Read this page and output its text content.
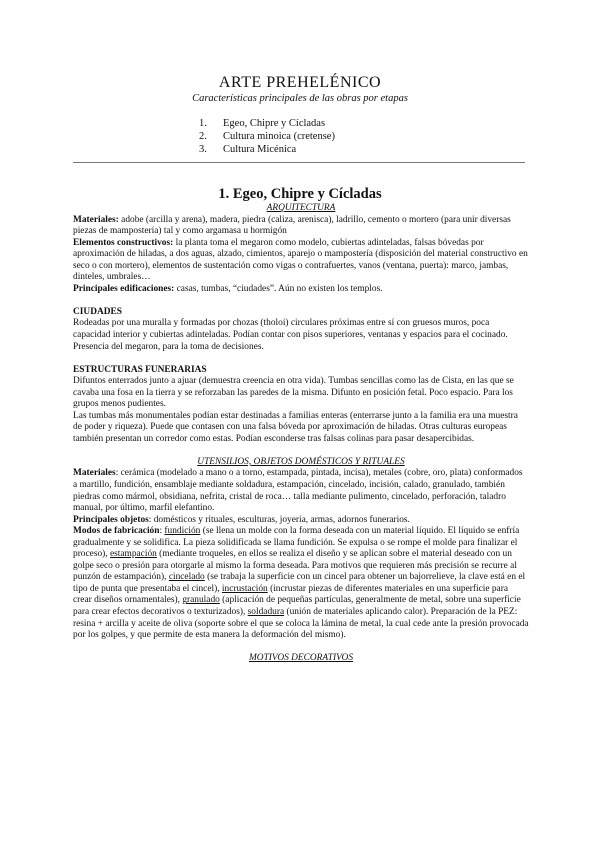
ARTE PREHELÉNICO
Características principales de las obras por etapas
1. Egeo, Chipre y Cícladas
2. Cultura minoica (cretense)
3. Cultura Micénica
1. Egeo, Chipre y Cícladas

ARQUITECTURA

Materiales: adobe (arcilla y arena), madera, piedra (caliza, arenisca), ladrillo, cemento o mortero (para unir diversas piezas de mampostería) tal y como argamasa u hormigón

Elementos constructivos: la planta toma el megaron como modelo, cubiertas adinteladas, falsas bóvedas por aproximación de hiladas, a dos aguas, alzado, cimientos, aparejo o mampostería (disposición del material constructivo en seco o con mortero), elementos de sustentación como vigas o contrafuertes, vanos (ventana, puerta): marco, jambas, dinteles, umbrales…

Principales edificaciones: casas, tumbas, “ciudades”. Aún no existen los templos.

CIUDADES

Rodeadas por una muralla y formadas por chozas (tholoi) circulares próximas entre sí con gruesos muros, poca capacidad interior y cubiertas adinteladas. Podían contar con pisos superiores, ventanas y espacios para el cocinado. Presencia del megaron, para la toma de decisiones.

ESTRUCTURAS FUNERARIAS

Difuntos enterrados junto a ajuar (demuestra creencia en otra vida). Tumbas sencillas como las de Cista, en las que se cavaba una fosa en la tierra y se reforzaban las paredes de la misma. Difunto en posición fetal. Poco espacio. Para los grupos menos pudientes.

Las tumbas más monumentales podían estar destinadas a familias enteras (enterrarse junto a la familia era una muestra de poder y riqueza). Puede que contasen con una falsa bóveda por aproximación de hiladas. Otras culturas europeas también presentan un corredor como estas. Podían esconderse tras falsas colinas para pasar desapercibidas.

UTENSILIOS, OBJETOS DOMÉSTICOS Y RITUALES

Materiales: cerámica (modelado a mano o a torno, estampada, pintada, incisa), metales (cobre, oro, plata) conformados a martillo, fundición, ensamblaje mediante soldadura, estampación, cincelado, incisión, calado, granulado, también piedras como mármol, obsidiana, nefrita, cristal de roca… talla mediante pulimento, cincelado, perforación, taladro manual, por último, marfil elefantino.

Principales objetos: domésticos y rituales, esculturas, joyería, armas, adornos funerarios.

Modos de fabricación: fundición (se llena un molde con la forma deseada con un material líquido. El líquido se enfría gradualmente y se solidifica. La pieza solidificada se llama fundición. Se expulsa o se rompe el molde para finalizar el proceso), estampación (mediante troqueles, en ellos se realiza el diseño y se aplican sobre el material deseado con un golpe seco o presión para otorgarle al mismo la forma deseada. Para motivos que requieren más precisión se recurre al punzón de estampación), cincelado (se trabaja la superficie con un cincel para obtener un bajorrelieve, la clave está en el tipo de punta que presentaba el cincel), incrustación (incrustar piezas de diferentes materiales en una superficie para crear diseños ornamentales), granulado (aplicación de pequeñas partículas, generalmente de metal, sobre una superficie para crear efectos decorativos o texturizados), soldadura (unión de materiales aplicando calor). Preparación de la PEZ: resina + arcilla y aceite de oliva (soporte sobre el que se coloca la lámina de metal, la cual cede ante la presión provocada por los golpes, y que permite de esta manera la deformación del mismo).

MOTIVOS DECORATIVOS
